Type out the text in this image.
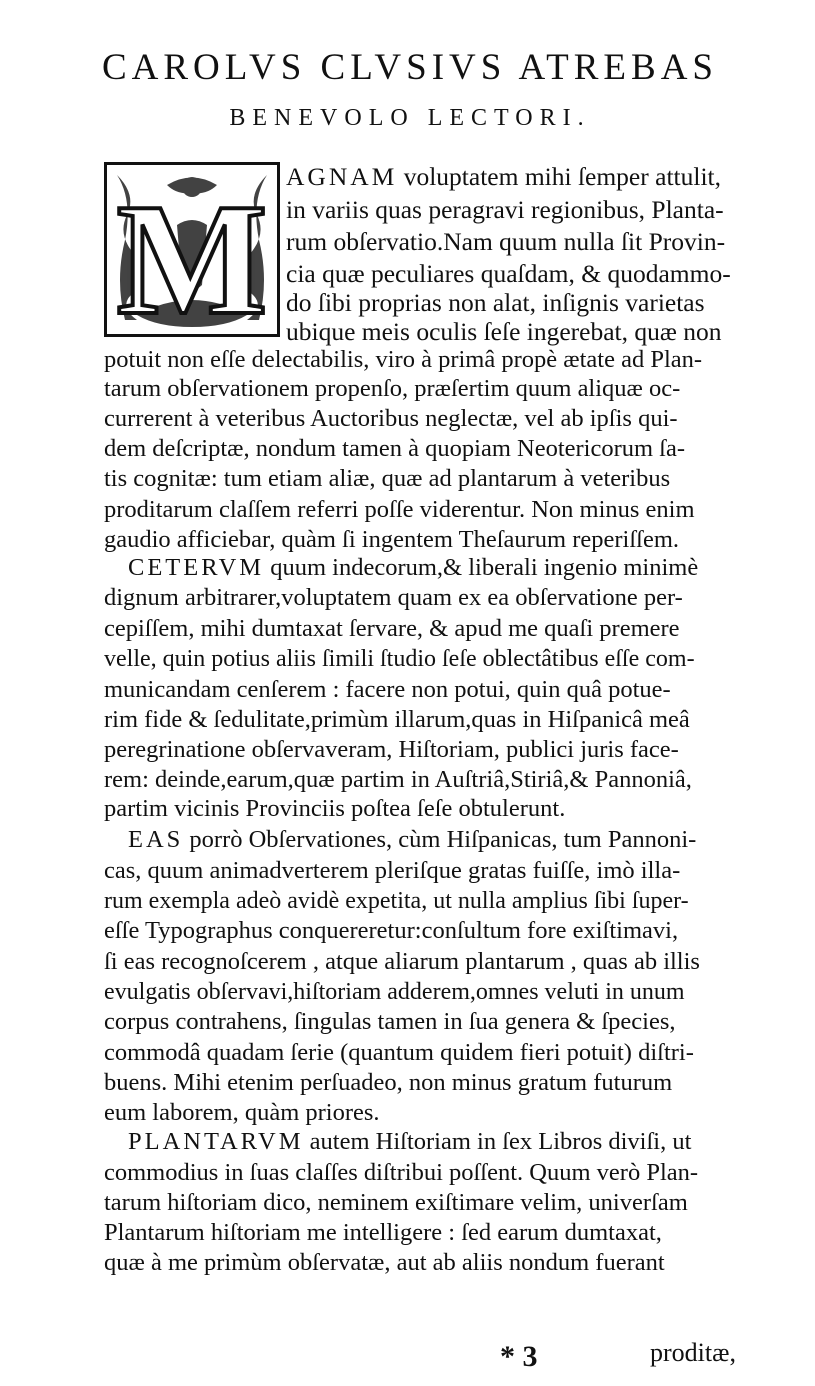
CAROLVS CLVSIVS ATREBAS
BENEVOLO LECTORI.
M AGNAM voluptatem mihi ſemper attulit,
in variis quas peragravi regionibus, Planta-
rum obſervatio.Nam quum nulla ſit Provin-
cia quæ peculiares quaſdam, & quodammo-
do ſibi proprias non alat, inſignis varietas
ubique meis oculis ſeſe ingerebat, quæ non
potuit non eſſe delectabilis, viro à primâ propè ætate ad Plan-
tarum obſervationem propenſo, præſertim quum aliquæ oc-
currerent à veteribus Auctoribus neglectæ, vel ab ipſis qui-
dem deſcriptæ, nondum tamen à quopiam Neotericorum ſa-
tis cognitæ: tum etiam aliæ, quæ ad plantarum à veteribus
proditarum claſſem referri poſſe viderentur. Non minus enim
gaudio afficiebar, quàm ſi ingentem Theſaurum reperiſſem.
CETERVM quum indecorum,& liberali ingenio minimè
dignum arbitrarer,voluptatem quam ex ea obſervatione per-
cepiſſem, mihi dumtaxat ſervare, & apud me quaſi premere
velle, quin potius aliis ſimili ſtudio ſeſe oblectâtibus eſſe com-
municandam cenſerem : facere non potui, quin quâ potue-
rim fide & ſedulitate,primùm illarum,quas in Hiſpanicâ meâ
peregrinatione obſervaveram, Hiſtoriam, publici juris face-
rem: deinde,earum,quæ partim in Auſtriâ,Stiriâ,& Pannoniâ,
partim vicinis Provinciis poſtea ſeſe obtulerunt.
EAS porrò Obſervationes, cùm Hiſpanicas, tum Pannoni-
cas, quum animadverterem pleriſque gratas fuiſſe, imò illa-
rum exempla adeò avidè expetita, ut nulla amplius ſibi ſuper-
eſſe Typographus conquereretur:conſultum fore exiſtimavi,
ſi eas recognoſcerem , atque aliarum plantarum , quas ab illis
evulgatis obſervavi,hiſtoriam adderem,omnes veluti in unum
corpus contrahens, ſingulas tamen in ſua genera & ſpecies,
commodâ quadam ſerie (quantum quidem fieri potuit) diſtri-
buens. Mihi etenim perſuadeo, non minus gratum futurum
eum laborem, quàm priores.
PLANTARVM autem Hiſtoriam in ſex Libros diviſi, ut
commodius in ſuas claſſes diſtribui poſſent. Quum verò Plan-
tarum hiſtoriam dico, neminem exiſtimare velim, univerſam
Plantarum hiſtoriam me intelligere : ſed earum dumtaxat,
quæ à me primùm obſervatæ, aut ab aliis nondum fuerant
* 3	proditæ,
